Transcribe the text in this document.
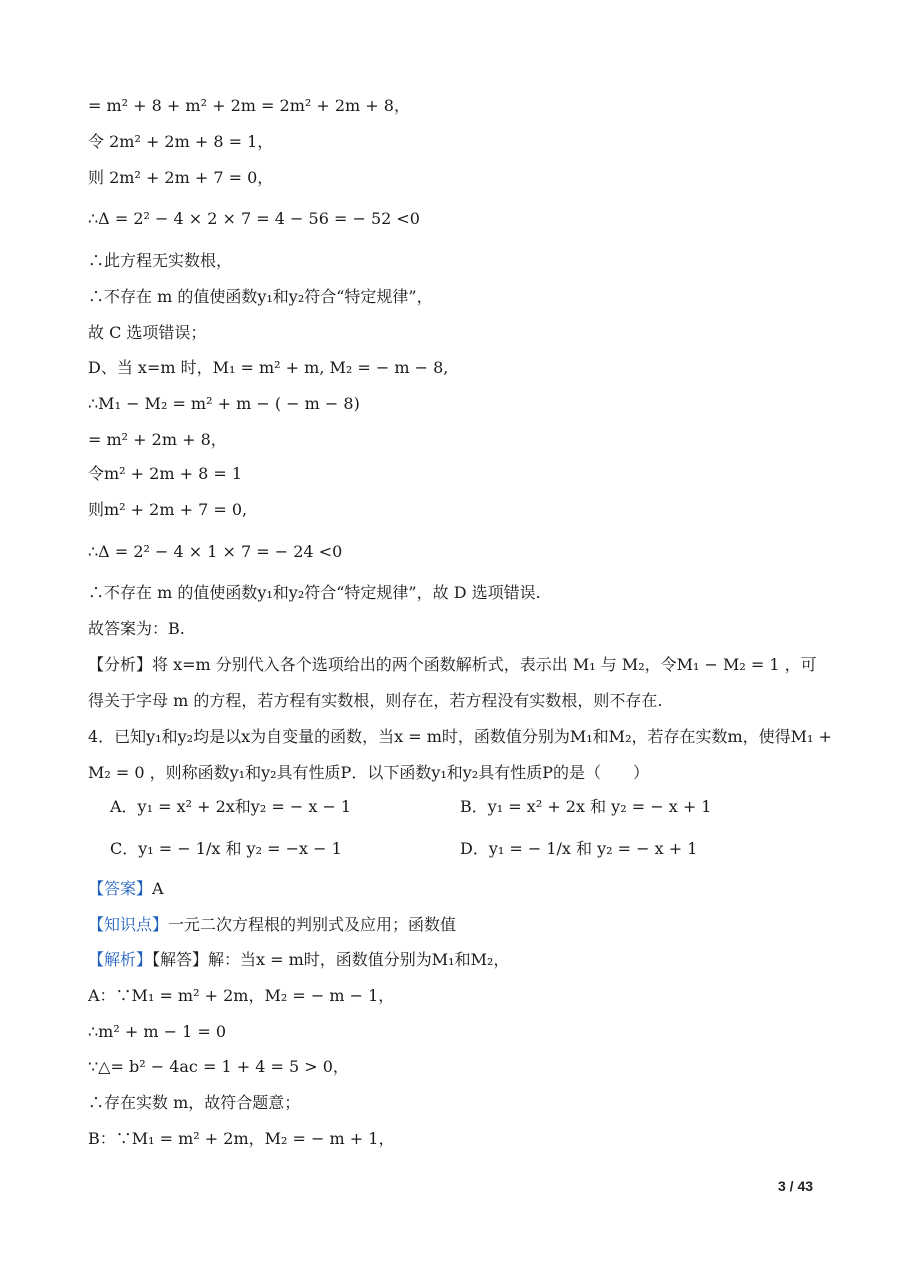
= m² + 8 + m² + 2m = 2m² + 2m + 8，
令 2m² + 2m + 8 = 1，
则 2m² + 2m + 7 = 0，
∴Δ = 2² − 4 × 2 × 7 = 4 − 56 = − 52 <0
∴此方程无实数根，
∴不存在 m 的值使函数y₁和y₂符合“特定规律”，
故 C 选项错误；
D、当 x=m 时，M₁ = m² + m, M₂ = − m − 8,
∴M₁ − M₂ = m² + m − ( − m − 8)
= m² + 2m + 8，
令m² + 2m + 8 = 1
则m² + 2m + 7 = 0,
∴Δ = 2² − 4 × 1 × 7 = − 24 <0
∴不存在 m 的值使函数y₁和y₂符合“特定规律”，故 D 选项错误.
故答案为：B.
【分析】将 x=m 分别代入各个选项给出的两个函数解析式，表示出 M₁ 与 M₂，令M₁ − M₂ = 1 ，可
得关于字母 m 的方程，若方程有实数根，则存在，若方程没有实数根，则不存在.
4．已知y₁和y₂均是以x为自变量的函数，当x = m时，函数值分别为M₁和M₂，若存在实数m，使得M₁ +
M₂ = 0 ，则称函数y₁和y₂具有性质P．以下函数y₁和y₂具有性质P的是（　　）
A．y₁ = x² + 2x和y₂ = − x − 1	B．y₁ = x² + 2x 和 y₂ = − x + 1
C．y₁ = − 1/x 和 y₂ = −x − 1	D．y₁ = − 1/x 和 y₂ = − x + 1
【答案】A
【知识点】一元二次方程根的判别式及应用；函数值
【解析】【解答】解：当x = m时，函数值分别为M₁和M₂，
A：∵M₁ = m² + 2m，M₂ = − m − 1，
∴m² + m − 1 = 0
∵△= b² − 4ac = 1 + 4 = 5 > 0，
∴存在实数 m，故符合题意；
B：∵M₁ = m² + 2m，M₂ = − m + 1，
3 / 43
